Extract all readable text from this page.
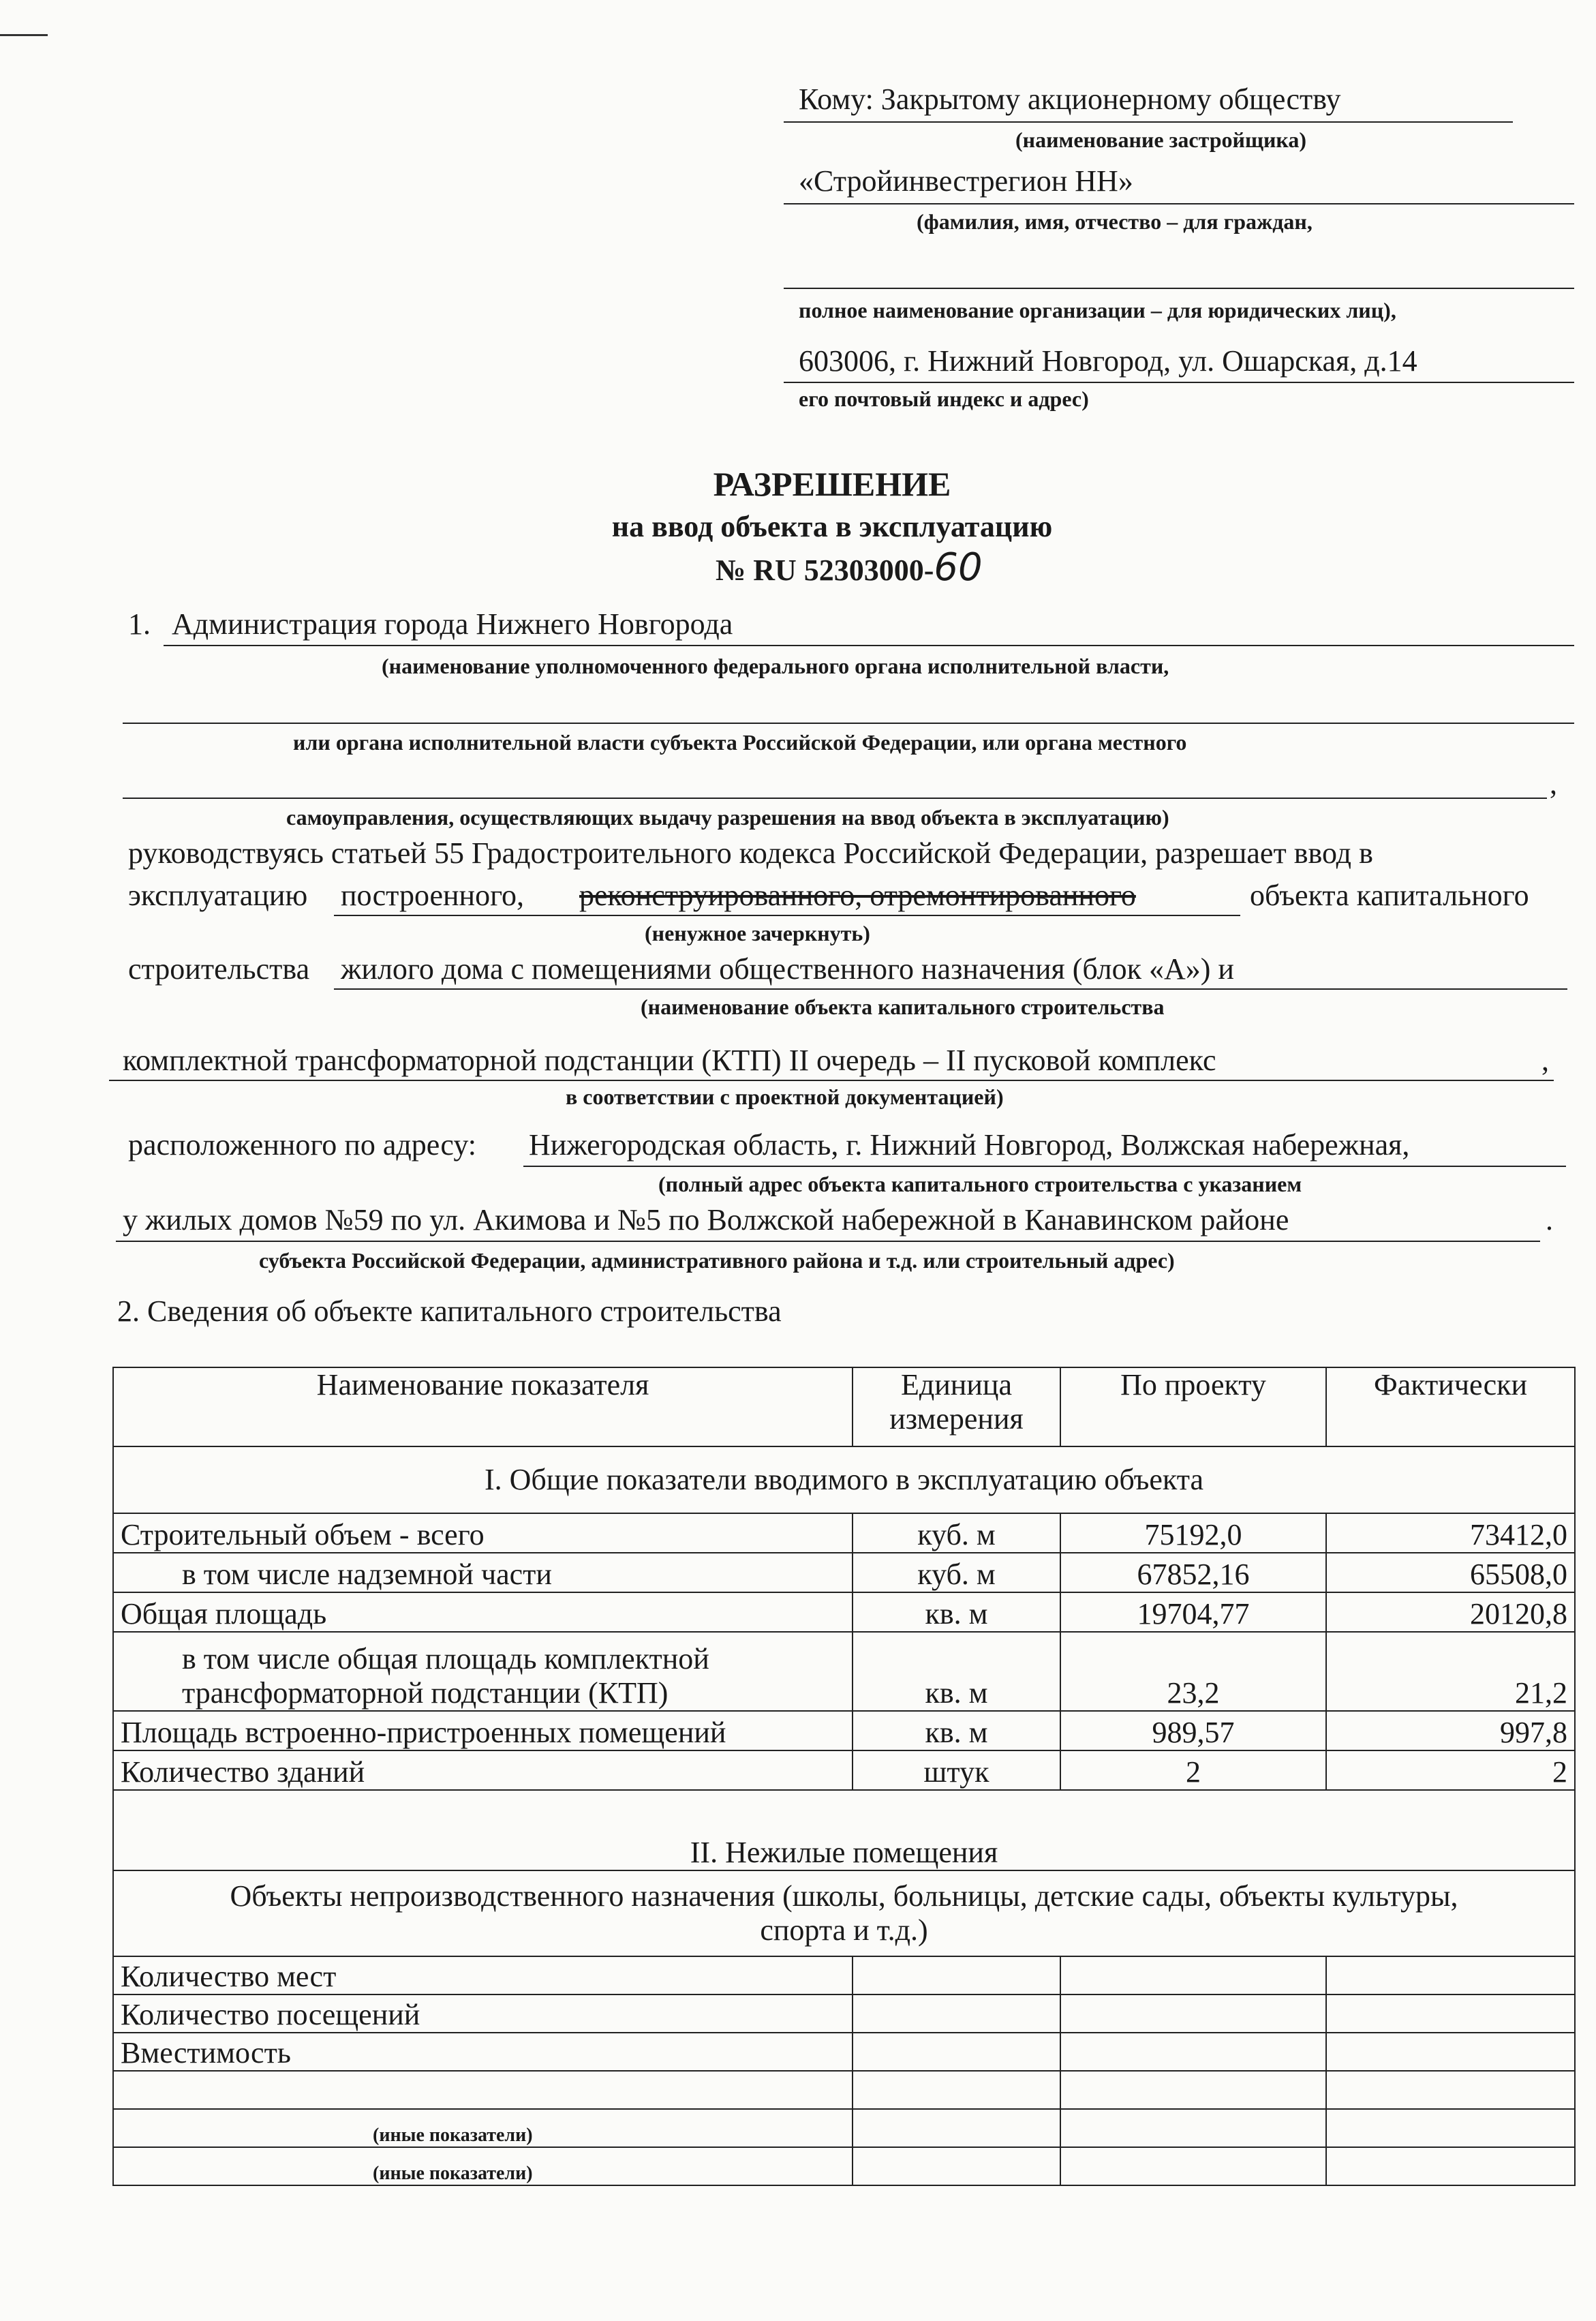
Кому: Закрытому акционерному обществу
(наименование застройщика)
«Стройинвестрегион НН»
(фамилия, имя, отчество – для граждан,
полное наименование организации – для юридических лиц),
603006, г. Нижний Новгород, ул. Ошарская, д.14
его почтовый индекс и адрес)
РАЗРЕШЕНИЕ
на ввод объекта в эксплуатацию
№ RU 52303000-60
1. Администрация города Нижнего Новгорода
(наименование уполномоченного федерального органа исполнительной власти,
или органа исполнительной власти субъекта Российской Федерации, или органа местного
,
самоуправления, осуществляющих выдачу разрешения на ввод объекта в эксплуатацию)
руководствуясь статьей 55 Градостроительного кодекса Российской Федерации, разрешает ввод в
эксплуатацию построенного, реконструированного, отремонтированного	объекта капитального
(ненужное зачеркнуть)
строительства жилого дома с помещениями общественного назначения (блок «А») и
(наименование объекта капитального строительства
комплектной трансформаторной подстанции (КТП) II очередь – II пусковой комплекс	,
в соответствии с проектной документацией)
расположенного по адресу: Нижегородская область, г. Нижний Новгород, Волжская набережная,
(полный адрес объекта капитального строительства с указанием
у жилых домов №59 по ул. Акимова и №5 по Волжской набережной в Канавинском районе	.
субъекта Российской Федерации, административного района и т.д. или строительный адрес)
2. Сведения об объекте капитального строительства
Наименование показателя	Единица измерения	По проекту	Фактически
I. Общие показатели вводимого в эксплуатацию объекта			
Строительный объем - всего	куб. м	75192,0	73412,0
в том числе надземной части	куб. м	67852,16	65508,0
Общая площадь	кв. м	19704,77	20120,8
в том числе общая площадь комплектной трансформаторной подстанции (КТП)	кв. м	23,2	21,2
Площадь встроенно-пристроенных помещений	кв. м	989,57	997,8
Количество зданий	штук	2	2
II. Нежилые помещения			
Объекты непроизводственного назначения (школы, больницы, детские сады, объекты культуры, спорта и т.д.)			
Количество мест			
Количество посещений			
Вместимость			

(иные показатели)			
(иные показатели)			
